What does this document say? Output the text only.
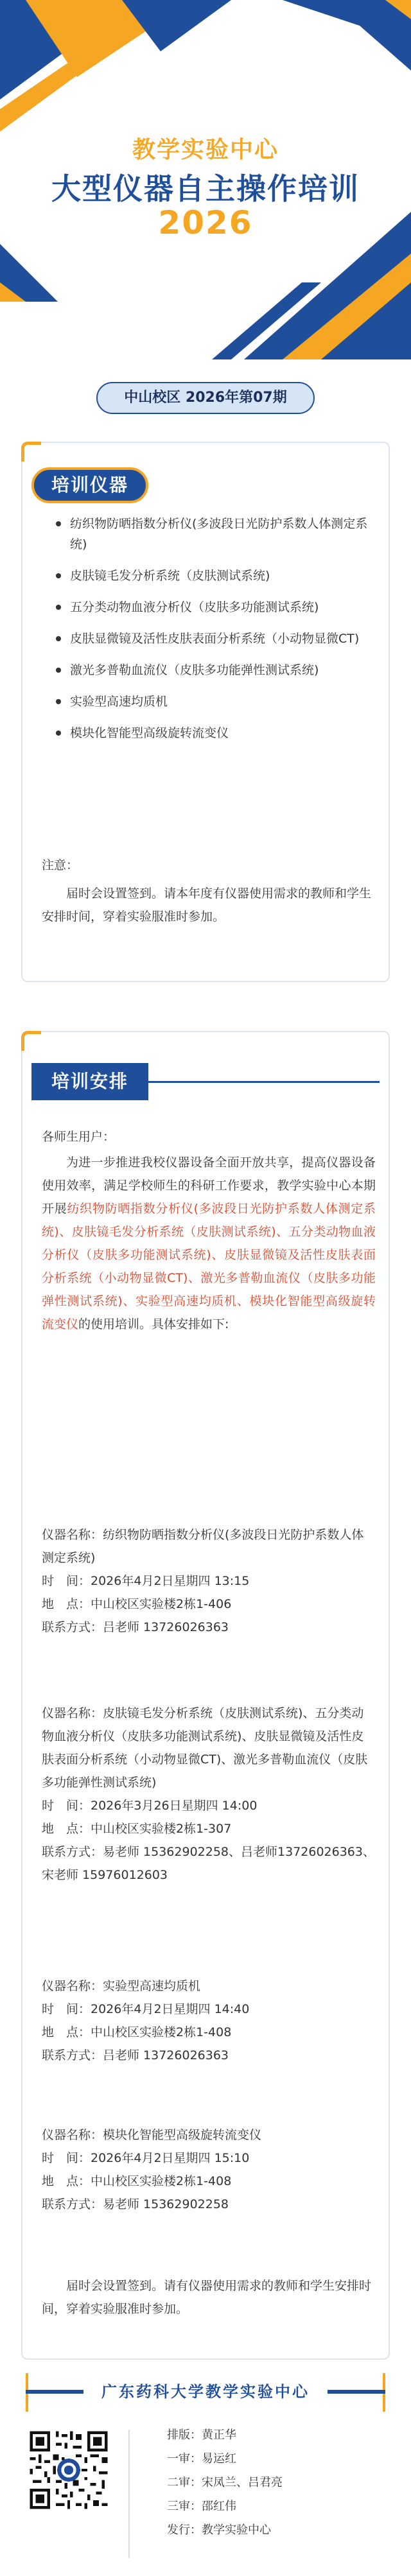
教学实验中心
大型仪器自主操作培训
2026
中山校区 2026年第07期
培训仪器
纺织物防晒指数分析仪(多波段日光防护系数人体测定系统)
皮肤镜毛发分析系统（皮肤测试系统)
五分类动物血液分析仪（皮肤多功能测试系统)
皮肤显微镜及活性皮肤表面分析系统（小动物显微CT)
激光多普勒血流仪（皮肤多功能弹性测试系统)
实验型高速均质机
模块化智能型高级旋转流变仪
注意：
届时会设置签到。请本年度有仪器使用需求的教师和学生安排时间，穿着实验服准时参加。
培训安排
各师生用户：
为进一步推进我校仪器设备全面开放共享，提高仪器设备使用效率，满足学校师生的科研工作要求，教学实验中心本期开展纺织物防晒指数分析仪(多波段日光防护系数人体测定系统)、皮肤镜毛发分析系统（皮肤测试系统)、五分类动物血液分析仪（皮肤多功能测试系统)、皮肤显微镜及活性皮肤表面分析系统（小动物显微CT)、激光多普勒血流仪（皮肤多功能弹性测试系统)、实验型高速均质机、模块化智能型高级旋转流变仪的使用培训。具体安排如下:
仪器名称：纺织物防晒指数分析仪(多波段日光防护系数人体测定系统)
时　间：2026年4月2日星期四 13:15
地　点：中山校区实验楼2栋1-406
联系方式：吕老师 13726026363
仪器名称：皮肤镜毛发分析系统（皮肤测试系统)、五分类动物血液分析仪（皮肤多功能测试系统)、皮肤显微镜及活性皮肤表面分析系统（小动物显微CT)、激光多普勒血流仪（皮肤多功能弹性测试系统)
时　间：2026年3月26日星期四 14:00
地　点：中山校区实验楼2栋1-307
联系方式：易老师 15362902258、吕老师13726026363、宋老师 15976012603
仪器名称：实验型高速均质机
时　间：2026年4月2日星期四 14:40
地　点：中山校区实验楼2栋1-408
联系方式：吕老师 13726026363
仪器名称：模块化智能型高级旋转流变仪
时　间：2026年4月2日星期四 15:10
地　点：中山校区实验楼2栋1-408
联系方式：易老师 15362902258
届时会设置签到。请有仪器使用需求的教师和学生安排时间，穿着实验服准时参加。
广东药科大学教学实验中心
排版：黄正华
一审：易运红
二审：宋凤兰、吕君亮
三审：邵红伟
发行：教学实验中心
